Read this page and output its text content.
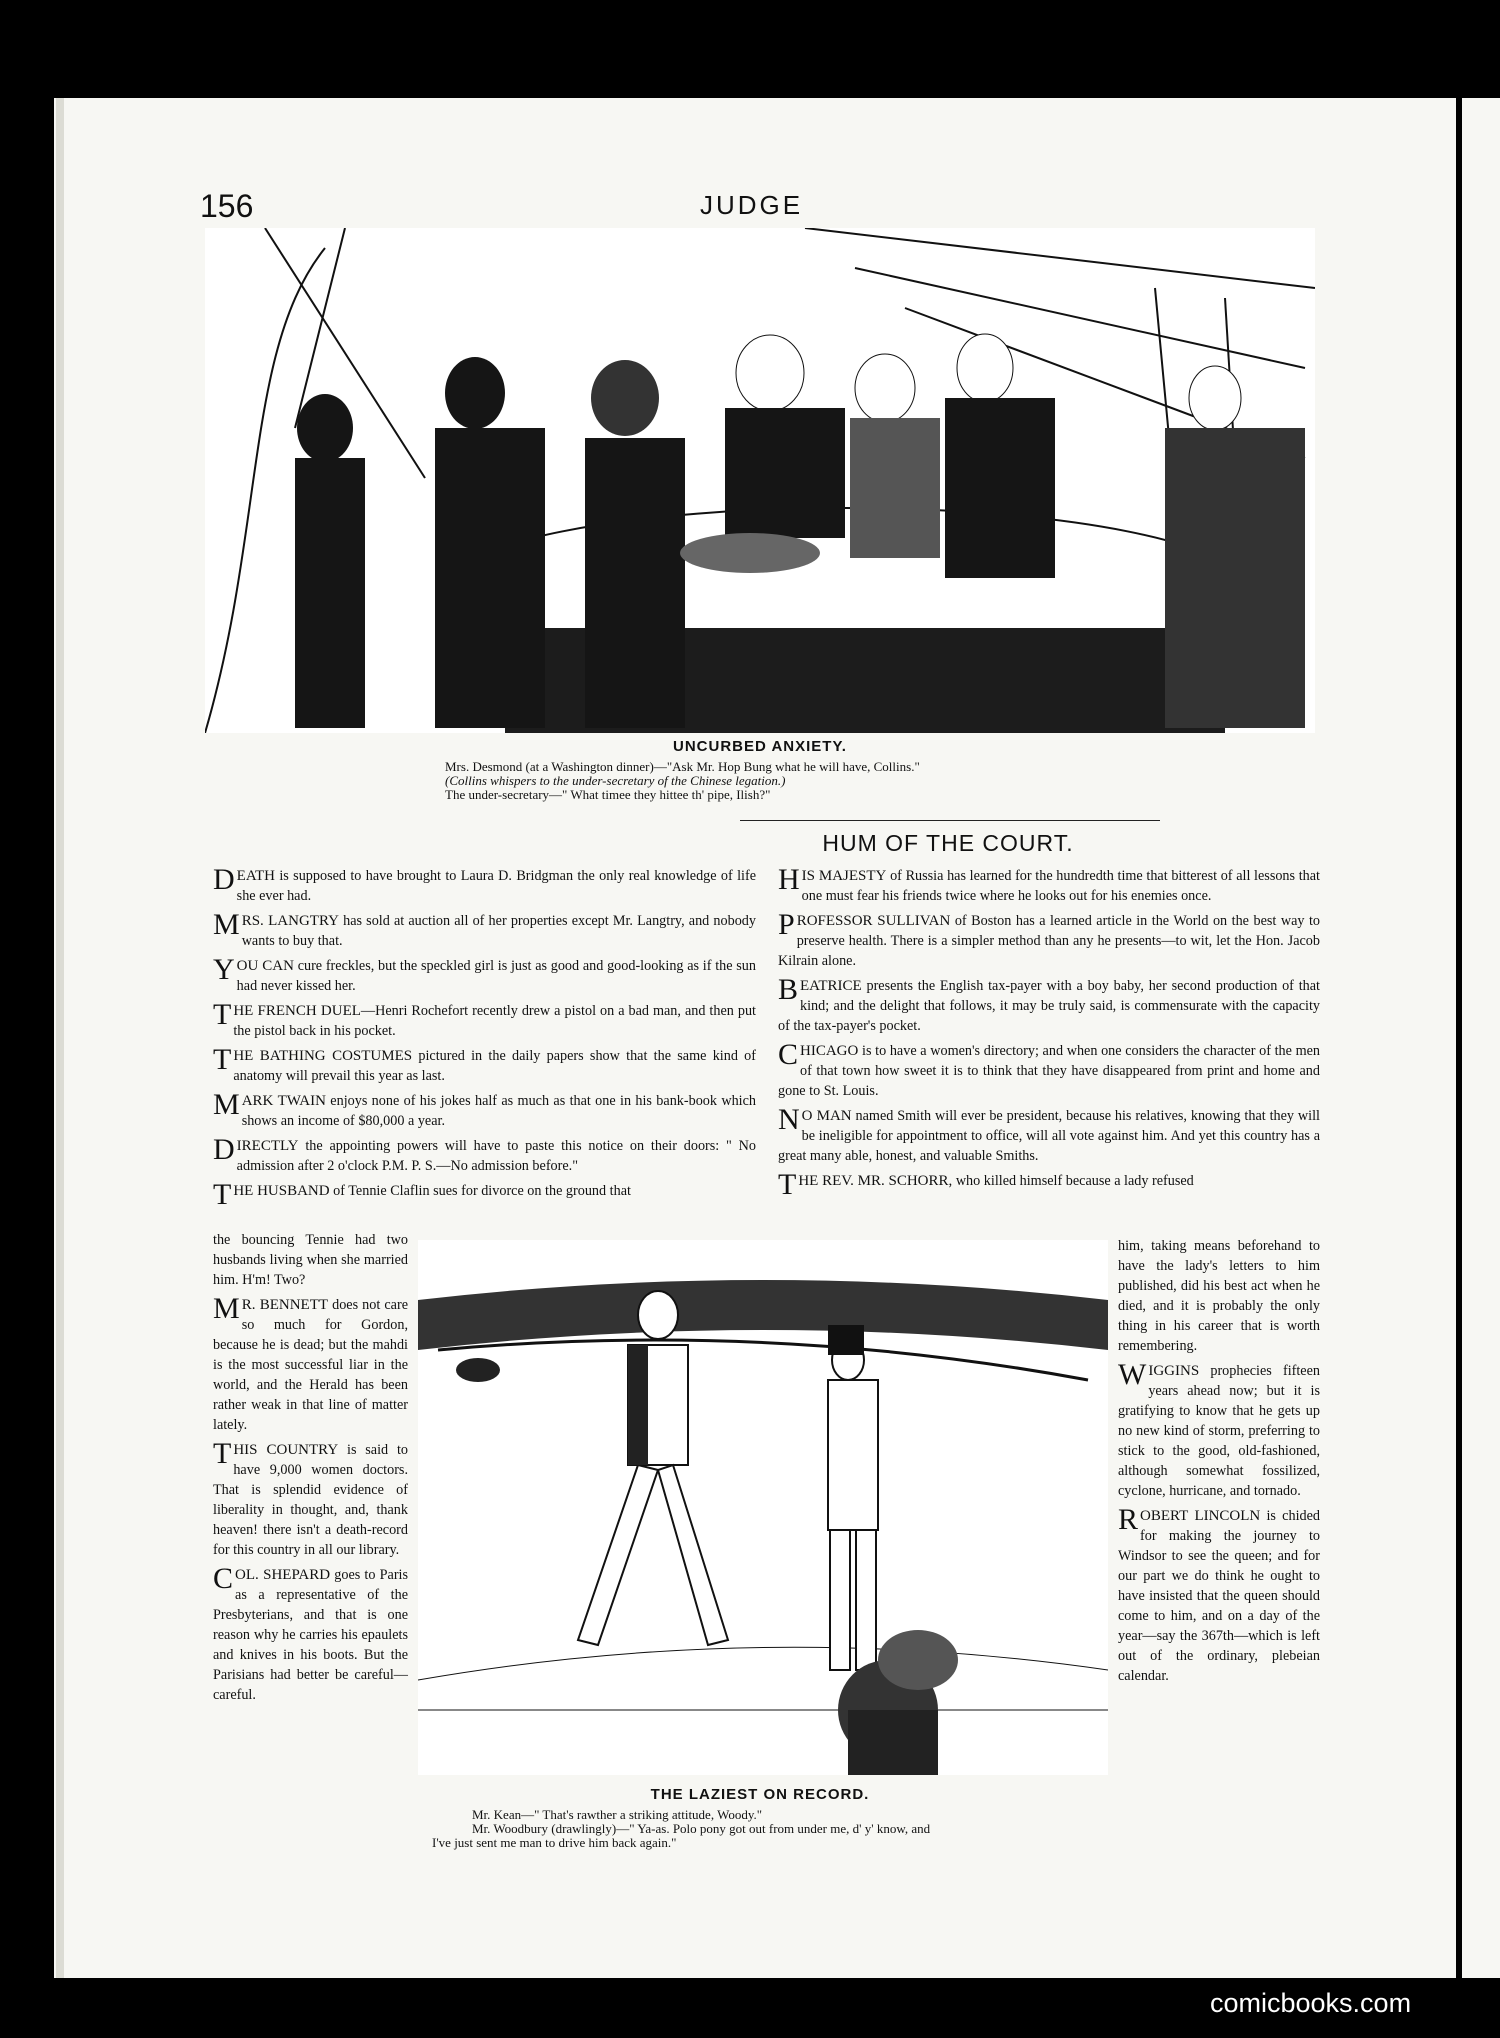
156	JUDGE
UNCURBED ANXIETY.
Mrs. Desmond (at a Washington dinner)—"Ask Mr. Hop Bung what he will have, Collins."
(Collins whispers to the under-secretary of the Chinese legation.)
The under-secretary—" What timee they hittee th' pipe, Ilish?"
HUM OF THE COURT.

DEATH is supposed to have brought to Laura D. Bridgman the only real knowledge of life she ever had.

MRS. LANGTRY has sold at auction all of her properties except Mr. Langtry, and nobody wants to buy that.

YOU CAN cure freckles, but the speckled girl is just as good and good-looking as if the sun had never kissed her.

THE FRENCH DUEL—Henri Rochefort recently drew a pistol on a bad man, and then put the pistol back in his pocket.

THE BATHING COSTUMES pictured in the daily papers show that the same kind of anatomy will prevail this year as last.

MARK TWAIN enjoys none of his jokes half as much as that one in his bank-book which shows an income of $80,000 a year.

DIRECTLY the appointing powers will have to paste this notice on their doors: " No admission after 2 o'clock P.M. P. S.—No admission before."

THE HUSBAND of Tennie Claflin sues for divorce on the ground that

the bouncing Tennie had two husbands living when she married him. H'm! Two?

M R. BENNETT does not care so much for Gordon, because he is dead; but the mahdi is the most successful liar in the world, and the Herald has been rather weak in that line of matter lately.

THIS COUNTRY is said to have 9,000 women doctors. That is splendid evidence of liberality in thought, and, thank heaven! there isn't a death-record for this country in all our library.

COL. SHEPARD goes to Paris as a representative of the Presbyterians, and that is one reason why he carries his epaulets and knives in his boots. But the Parisians had better be careful—careful.

HIS MAJESTY of Russia has learned for the hundredth time that bitterest of all lessons that one must fear his friends twice where he looks out for his enemies once.

PROFESSOR SULLIVAN of Boston has a learned article in the World on the best way to preserve health. There is a simpler method than any he presents—to wit, let the Hon. Jacob Kilrain alone.

BEATRICE presents the English tax-payer with a boy baby, her second production of that kind; and the delight that follows, it may be truly said, is commensurate with the capacity of the tax-payer's pocket.

CHICAGO is to have a women's directory; and when one considers the character of the men of that town how sweet it is to think that they have disappeared from print and home and gone to St. Louis.

N O MAN named Smith will ever be president, because his relatives, knowing that they will be ineligible for appointment to office, will all vote against him. And yet this country has a great many able, honest, and valuable Smiths.

THE REV. MR. SCHORR, who killed himself because a lady refused

him, taking means beforehand to have the lady's letters to him published, did his best act when he died, and it is probably the only thing in his career that is worth remembering.

WIGGINS prophecies fifteen years ahead now; but it is gratifying to know that he gets up no new kind of storm, preferring to stick to the good, old-fashioned, although somewhat fossilized, cyclone, hurricane, and tornado.

ROBERT LINCOLN is chided for making the journey to Windsor to see the queen; and for our part we do think he ought to have insisted that the queen should come to him, and on a day of the year—say the 367th—which is left out of the ordinary, plebeian calendar.

THE LAZIEST ON RECORD.
Mr. Kean—" That's rawther a striking attitude, Woody."
Mr. Woodbury (drawlingly)—" Ya-as. Polo pony got out from under me, d' y' know, and
I've just sent me man to drive him back again."
comicbooks.com
